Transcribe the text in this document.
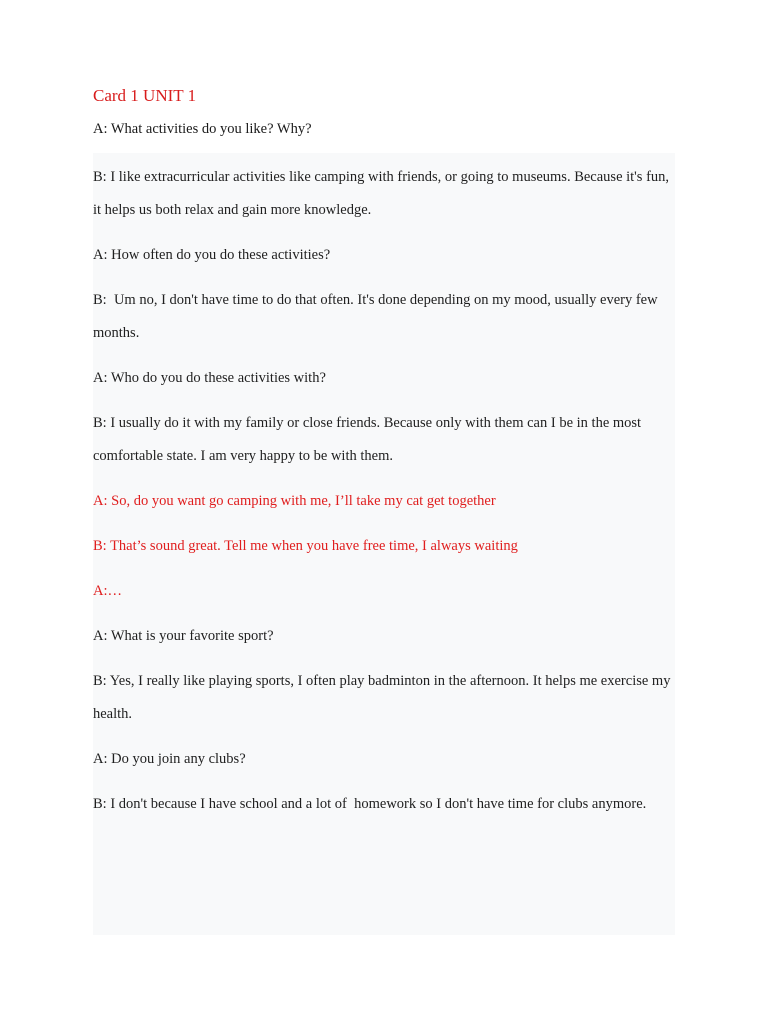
Card 1 UNIT 1

A: What activities do you like? Why?

B: I like extracurricular activities like camping with friends, or going to museums. Because it's fun, it helps us both relax and gain more knowledge.

A: How often do you do these activities?

B:  Um no, I don't have time to do that often. It's done depending on my mood, usually every few months.

A: Who do you do these activities with?

B: I usually do it with my family or close friends. Because only with them can I be in the most comfortable state. I am very happy to be with them.

A: So, do you want go camping with me, I’ll take my cat get together

B: That’s sound great. Tell me when you have free time, I always waiting

A:…

A: What is your favorite sport?

B: Yes, I really like playing sports, I often play badminton in the afternoon. It helps me exercise my health.

A: Do you join any clubs?

B: I don't because I have school and a lot of  homework so I don't have time for clubs anymore.
